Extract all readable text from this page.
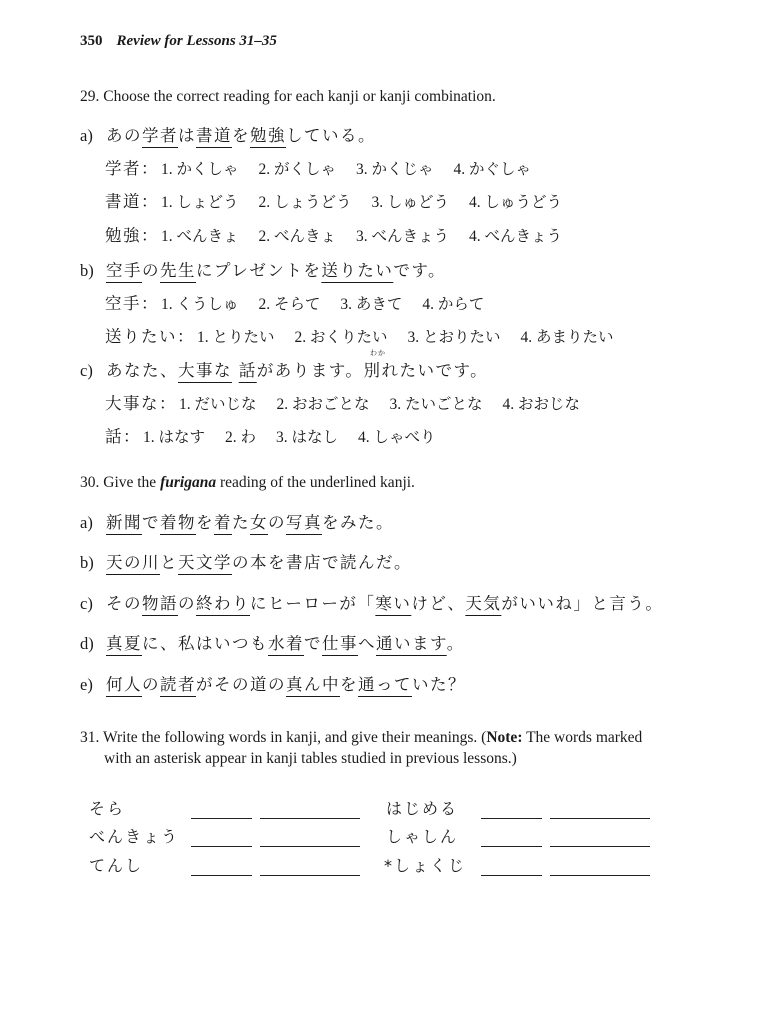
350 Review for Lessons 31–35
29. Choose the correct reading for each kanji or kanji combination.
a) あの学者は書道を勉強している。
学者： 1. かくしゃ 2. がくしゃ 3. かくじゃ 4. かぐしゃ
書道： 1. しょどう 2. しょうどう 3. しゅどう 4. しゅうどう
勉強： 1. べんきょ 2. べんきょ 3. べんきょう 4. べんきょう
b) 空手の先生にプレゼントを送りたいです。
空手： 1. くうしゅ 2. そらて 3. あきて 4. からて
送りたい： 1. とりたい 2. おくりたい 3. とおりたい 4. あまりたい
c) あなた、大事な 話があります。別れたいです。
わか
大事な： 1. だいじな 2. おおごとな 3. たいごとな 4. おおじな
話： 1. はなす 2. わ 3. はなし 4. しゃべり
30. Give the furigana reading of the underlined kanji.
a) 新聞で着物を着た女の写真をみた。
b) 天の川と天文学の本を書店で読んだ。
c) その物語の終わりにヒーローが「寒いけど、天気がいいね」と言う。
d) 真夏に、私はいつも水着で仕事へ通います。
e) 何人の読者がその道の真ん中を通っていた？
31. Write the following words in kanji, and give their meanings. (Note: The words marked
with an asterisk appear in kanji tables studied in previous lessons.)
そら
べんきょう
てんし
はじめる
しゃしん
*しょくじ
